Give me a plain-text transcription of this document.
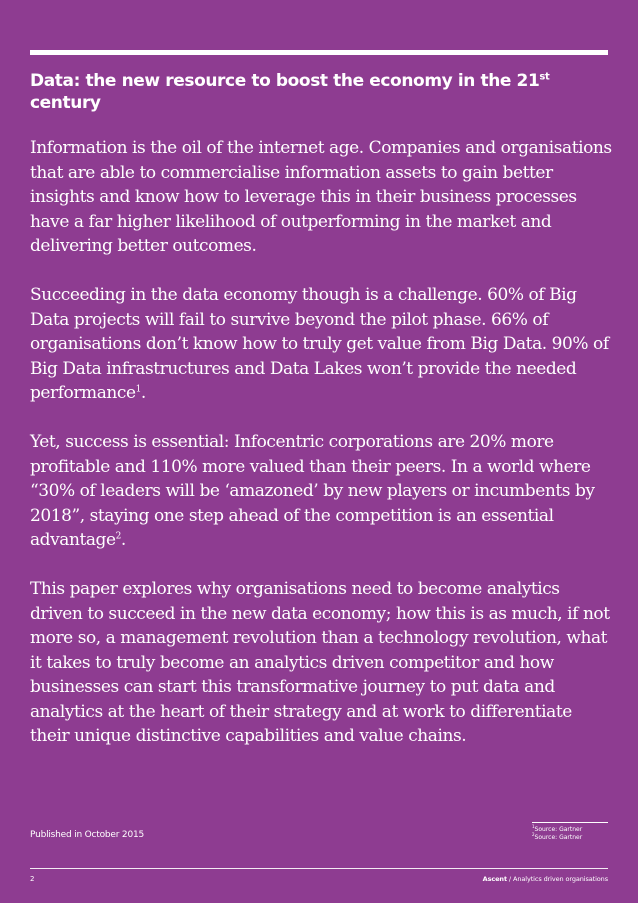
Data: the new resource to boost the economy in the 21st century

Information is the oil of the internet age. Companies and organisations that are able to commercialise information assets to gain better insights and know how to leverage this in their business processes have a far higher likelihood of outperforming in the market and delivering better outcomes.

Succeeding in the data economy though is a challenge. 60% of Big Data projects will fail to survive beyond the pilot phase. 66% of organisations don’t know how to truly get value from Big Data. 90% of Big Data infrastructures and Data Lakes won’t provide the needed performance$^1$.

Yet, success is essential: Infocentric corporations are 20% more profitable and 110% more valued than their peers. In a world where “30% of leaders will be ‘amazoned’ by new players or incumbents by 2018”, staying one step ahead of the competition is an essential advantage$^2$.

This paper explores why organisations need to become analytics driven to succeed in the new data economy; how this is as much, if not more so, a management revolution than a technology revolution, what it takes to truly become an analytics driven competitor and how businesses can start this transformative journey to put data and analytics at the heart of their strategy and at work to differentiate their unique distinctive capabilities and value chains.

Published in October 2015
$^1$Source: Gartner
$^2$Source: Gartner
2	Ascent / Analytics driven organisations
